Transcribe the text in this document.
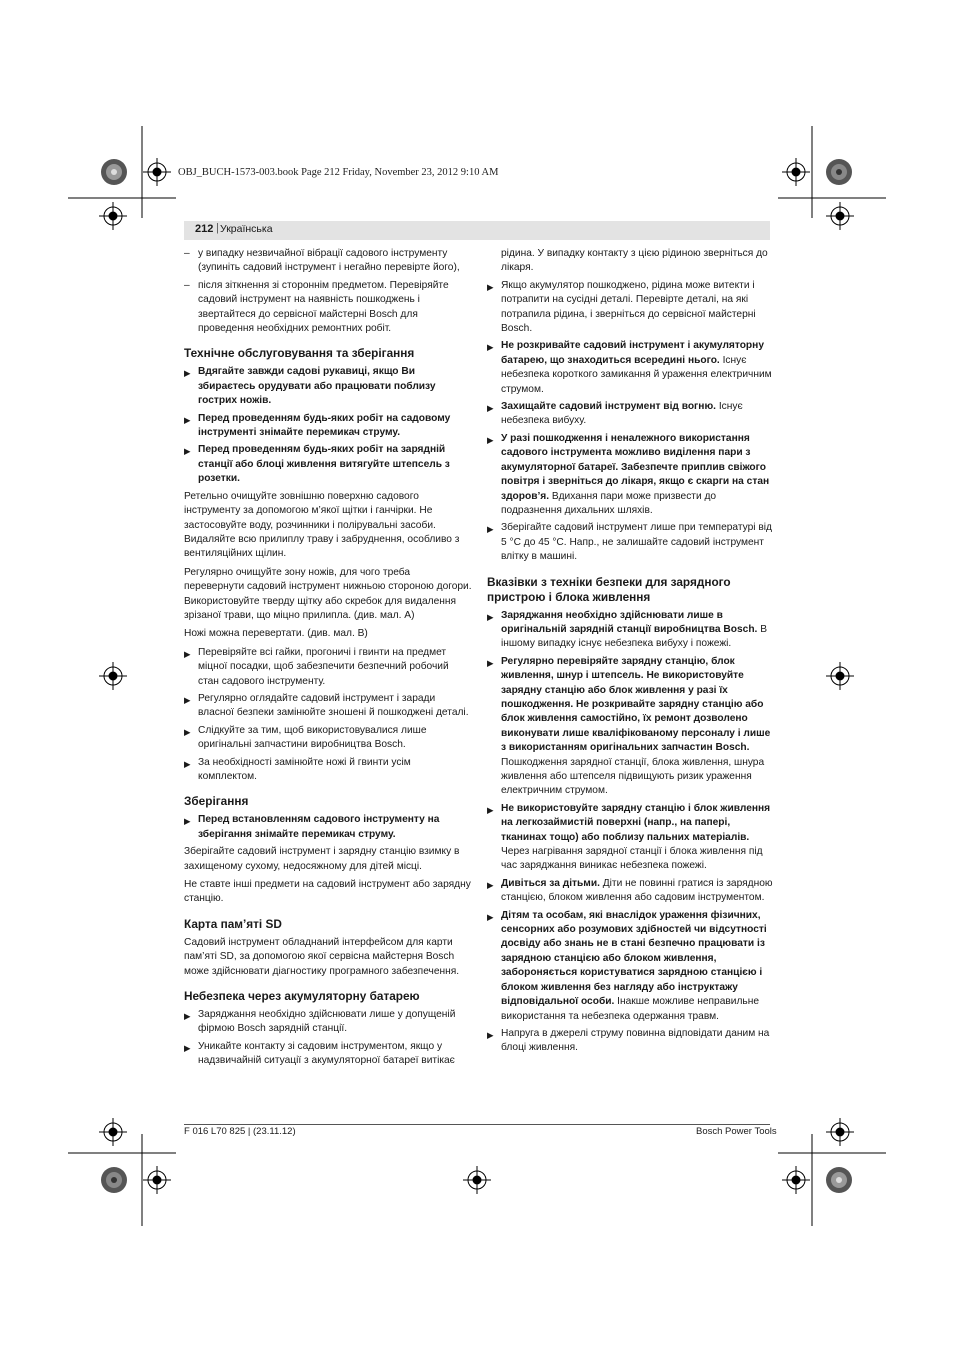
OBJ_BUCH-1573-003.book Page 212 Friday, November 23, 2012 9:10 AM
212 | Українська
– у випадку незвичайної вібрації садового інструменту (зупиніть садовий інструмент і негайно перевірте його),
– після зіткнення зі стороннім предметом. Перевіряйте садовий інструмент на наявність пошкоджень і звертайтеся до сервісної майстерні Bosch для проведення необхідних ремонтних робіт.
Технічне обслуговування та зберігання
▶ Вдягайте завжди садові рукавиці, якщо Ви збираєтесь орудувати або працювати поблизу гострих ножів.
▶ Перед проведенням будь-яких робіт на садовому інструменті знімайте перемикач струму.
▶ Перед проведенням будь-яких робіт на зарядній станції або блоці живлення витягуйте штепсель з розетки.

Ретельно очищуйте зовнішню поверхню садового інструменту за допомогою м’якої щітки і ганчірки. Не застосовуйте воду, розчинники і полірувальні засоби. Видаляйте всю прилиплу траву і забруднення, особливо з вентиляційних щілин.

Регулярно очищуйте зону ножів, для чого треба перевернути садовий інструмент нижньою стороною догори. Використовуйте тверду щітку або скребок для видалення зрізаної трави, що міцно прилипла. (див. мал. A)

Ножі можна перевертати. (див. мал. B)

▶ Перевіряйте всі гайки, прогоничі і гвинти на предмет міцної посадки, щоб забезпечити безпечний робочий стан садового інструменту.
▶ Регулярно оглядайте садовий інструмент і заради власної безпеки замінюйте зношені й пошкоджені деталі.
▶ Слідкуйте за тим, щоб використовувалися лише оригінальні запчастини виробництва Bosch.
▶ За необхідності замінюйте ножі й гвинти усім комплектом.
Зберігання
▶ Перед встановленням садового інструменту на зберігання знімайте перемикач струму.

Зберігайте садовий інструмент і зарядну станцію взимку в захищеному сухому, недосяжному для дітей місці.

Не ставте інші предмети на садовий інструмент або зарядну станцію.

Карта пам’яті SD

Садовий інструмент обладнаний інтерфейсом для карти пам’яті SD, за допомогою якої сервісна майстерня Bosch може здійснювати діагностику програмного забезпечення.

Небезпека через акумуляторну батарею
▶ Заряджання необхідно здійснювати лише у допущеній фірмою Bosch зарядній станції.
▶ Уникайте контакту зі садовим інструментом, якщо у надзвичайній ситуації з акумуляторної батареї витікає
рідина. У випадку контакту з цією рідиною зверніться до лікаря.
▶ Якщо акумулятор пошкоджено, рідина може витекти і потрапити на сусідні деталі. Перевірте деталі, на які потрапила рідина, і зверніться до сервісної майстерні Bosch.
▶ Не розкривайте садовий інструмент і акумуляторну батарею, що знаходиться всередині нього. Існує небезпека короткого замикання й ураження електричним струмом.
▶ Захищайте садовий інструмент від вогню. Існує небезпека вибуху.
▶ У разі пошкодження і неналежного використання садового інструмента можливо виділення пари з акумуляторної батареї. Забезпечте приплив свіжого повітря і зверніться до лікаря, якщо є скарги на стан здоров’я. Вдихання пари може призвести до подразнення дихальних шляхів.
▶ Зберігайте садовий інструмент лише при температурі від 5 °C до 45 °C. Напр., не залишайте садовий інструмент влітку в машині.
Вказівки з техніки безпеки для зарядного пристрою і блока живлення
▶ Заряджання необхідно здійснювати лише в оригінальній зарядній станції виробництва Bosch. В іншому випадку існує небезпека вибуху і пожежі.
▶ Регулярно перевіряйте зарядну станцію, блок живлення, шнур і штепсель. Не використовуйте зарядну станцію або блок живлення у разі їх пошкодження. Не розкривайте зарядну станцію або блок живлення самостійно, їх ремонт дозволено виконувати лише кваліфікованому персоналу і лише з використанням оригінальних запчастин Bosch. Пошкодження зарядної станції, блока живлення, шнура живлення або штепселя підвищують ризик ураження електричним струмом.
▶ Не використовуйте зарядну станцію і блок живлення на легкозаймистій поверхні (напр., на папері, тканинах тощо) або поблизу пальних матеріалів. Через нагрівання зарядної станції і блока живлення під час заряджання виникає небезпека пожежі.
▶ Дивіться за дітьми. Діти не повинні гратися із зарядною станцією, блоком живлення або садовим інструментом.
▶ Дітям та особам, які внаслідок ураження фізичних, сенсорних або розумових здібностей чи відсутності досвіду або знань не в стані безпечно працювати із зарядною станцією або блоком живлення, забороняється користуватися зарядною станцією і блоком живлення без нагляду або інструктажу відповідальної особи. Інакше можливе неправильне використання та небезпека одержання травм.
▶ Напруга в джерелі струму повинна відповідати даним на блоці живлення.
F 016 L70 825 | (23.11.12)	Bosch Power Tools
